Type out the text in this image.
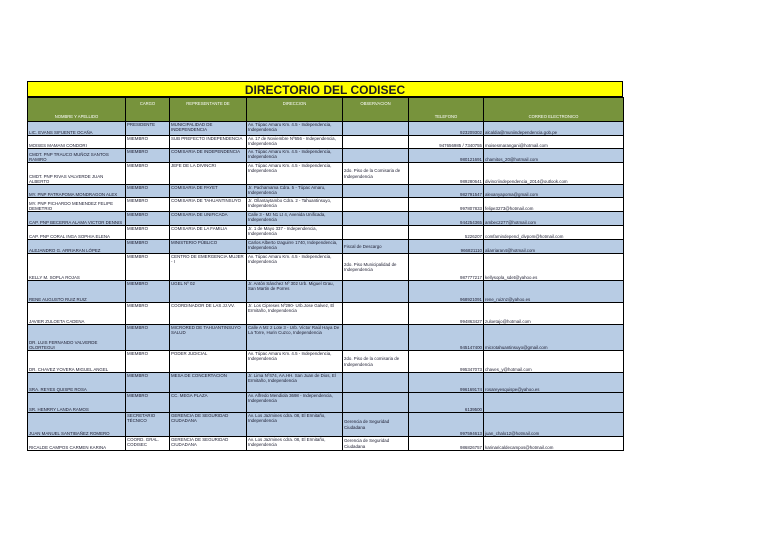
DIRECTORIO DEL CODISEC
NOMBRE Y APELLIDO	CARGO	REPRESENTANTE DE	DIRECCION	OBSERVACION	TELEFONO	CORREO ELECTRONICO
LIC. EVANS SIFUENTE OCAÑA	PRESIDENTE	MUNICIPALIDAD DE INDEPENDENCIA	Av. Túpac Amaru Km. 4.5 - Independencia, Independencia		923209302	alcaldia@muniindependencia.gob.pe
MOISES MAMANI CONDORI	MIEMBRO	SUB PREFECTO INDEPENDENCIA	Av. 17 de Noviembre Nº656 - Independencia, Independencia		947656985 / 7340755	moisesmarangani@hotmail.com
CMDT. PNP TRAUCO MUÑOZ SANTOS RAMIRO	MIEMBRO	COMISARIA DE INDEPENDENCIA	Av. Túpac Amaru Km. 4.5 - Independencia, Independencia		980121691	chamitos_20@hotmail.com
CMDT. PNP RIVAS VALVERDE JUAN ALBERTO	MIEMBRO	JEFE DE LA DIVINCRI	Av. Túpac Amaru Km. 4.5 - Independencia, Independencia	2do. Piso de la Comisaria de Independencia	989280641	divincriindependencia_2014@outlook.com
MY. PNP PATRAPOMA MONDRAGON ALEX	MIEMBRO	COMISARIA DE PAYET	Jr. Pachamama Cdra. 5 - Túpac Amaru, Independencia		982791547	alexanyapoma@gmail.com
MY. PNP PICHARDO MENENDEZ FELIPE DEMETRIO	MIEMBRO	COMISARIA DE TAHUANTINSUYO	Jr. Ollantaytambo Cdra. 2 - Tahuantinsuyo, Independencia		997807833	felipe3273@hotmail.com
CAP. PNP BECERRA ALAMA VICTOR DENNIS	MIEMBRO	COMISARIA DE UNIFICADA	Calle 3 - Mz N1 Lt 4, Avenida Unificada, Independencia		944254365	ambec2277@hotmail.com
CAP. PNP CORAL INGA SOPHIA ELENA	MIEMBRO	COMISARIA DE LA FAMILIA	Jr. 1 de Mayo 337 - Independencia, Independencia		5226207	comfamindepend_divpom@hotmail.com
ALEJANDRO G. ARRIARAN LÓPEZ	MIEMBRO	MINISTERIO PÚBLICO	Carlos Alberto Izaguirre 1740, Independencia, Independencia	Fiscal de Descargo	966821110	aliarriaran4@hotmail.com
KELLY M. SOPLA ROJAS	MIEMBRO	CENTRO DE EMERGENCIA MUJER - I	Av. Túpac Amaru Km. 4.5 - Independencia, Independencia	2do. Piso Municipalidad de Independencia	987777217	kellysopla_sdet@yahoo.es
RENE AUGUSTO RUIZ RUIZ	MIEMBRO	UGEL Nº 02	Jr. Antón Sánchez Nº 302 Urb. Miguel Grau, San Martin de Porres		968921091	rene_ruiznz@yahoo.es
JAVIER ZULOETA CADENA	MIEMBRO	COORDINADOR DE LAS JJ.VV.	Jr. Los Cipreses Nº290- Urb.Jose Galvez, El Ermitaño, Independencia		994863427	zuloetajo@hotmail.com
DR. LUIS FERNANDO VALVERDE OLORTEGUI	MIEMBRO	MICRORED DE TAHUANTINSUYO SALUD	Calle A Mz 2 Lote 3 - Urb. Víctor Raúl Haya De La Torre, Hurin Cuzco, Independencia		945147400	microtahuantinsuyo@gmail.com
DR. CHAVEZ YOVERA MIGUEL ANGEL	MIEMBRO	PODER JUDICIAL	Av. Túpac Amaru Km. 4.5 - Independencia, Independencia	2do. Piso de la comisaria de Independencia	995347073	chaves_y@hotmail.com
SRA. REYES QUISPE ROSA	MIEMBRO	MESA DE CONCERTACION	Jr. Lima Nº474, AA.HH. San Juan de Dios, El Ermitaño, Independencia		996169174	rosareyesquispe@yahoo.es
SR. HENRRY LANDA RAMOS	MIEMBRO	CC. MEGA PLAZA	Av. Alfredo Mendiola 3698 - Independencia, Independencia		6139500	
JUAN MANUEL SANTIBAÑEZ ROMERO	SECRETARIO TÉCNICO	GERENCIA DE SEGURIDAD CIUDADANA	Av. Los Jazmines cdra. 08, El Ermitaño, Independencia	Gerencia de Seguridad Ciudadana	997594613	juan_chalo12@hotmail.com
RICALDE CAMPOS CARMEN KARINA	COORD. GRAL. CODISEC	GERENCIA DE SEGURIDAD CIUDADANA	Av. Los Jazmines cdra. 08, El Ermitaño, Independencia	Gerencia de Seguridad Ciudadana	986826757	karinaricaldecampos@hotmail.com
